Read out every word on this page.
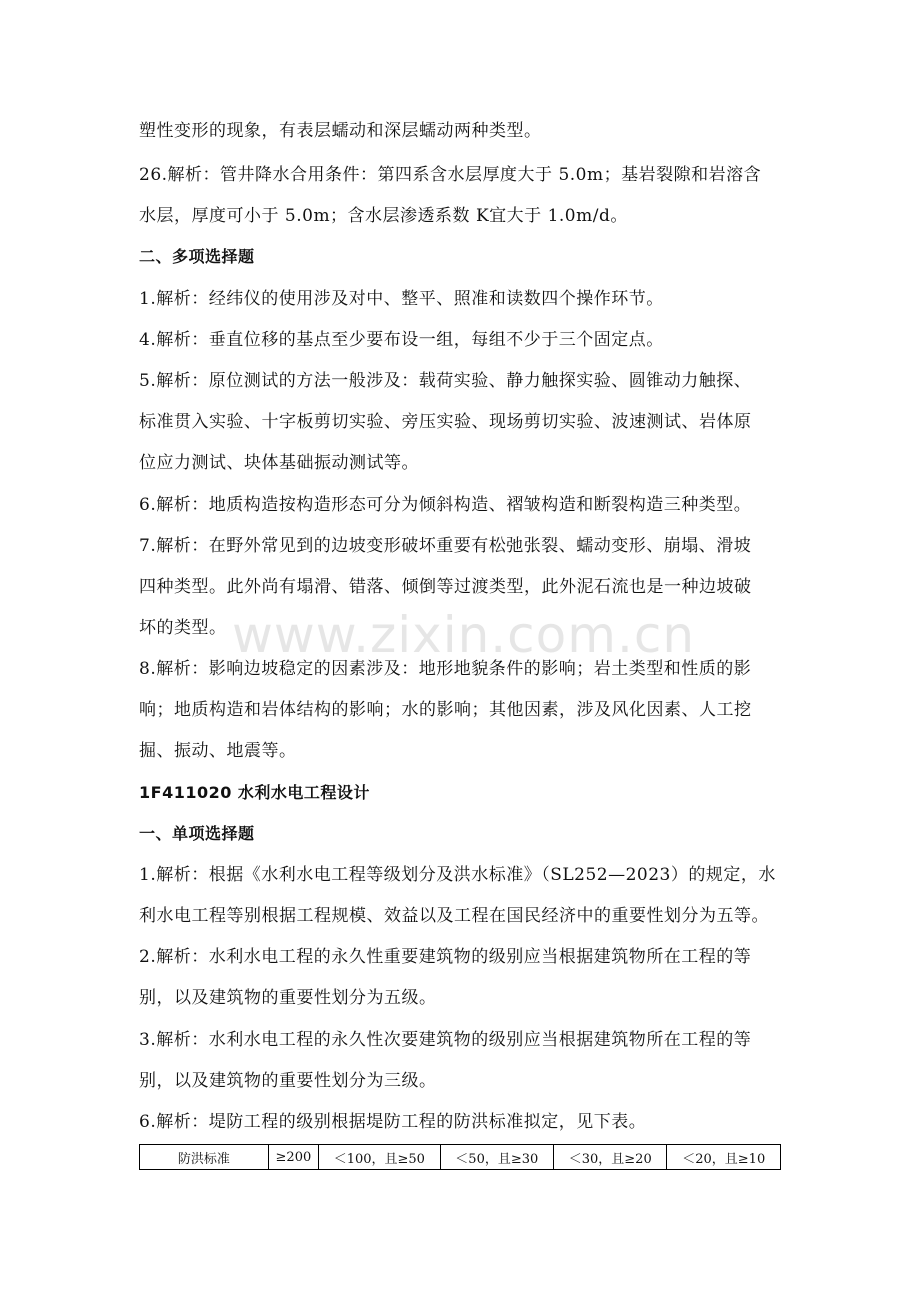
塑性变形的现象，有表层蠕动和深层蠕动两种类型。
26.解析：管井降水合用条件：第四系含水层厚度大于 5.0m；基岩裂隙和岩溶含
水层，厚度可小于 5.0m；含水层渗透系数 K宜大于 1.0m/d。
二、多项选择题
1.解析：经纬仪的使用涉及对中、整平、照准和读数四个操作环节。
4.解析：垂直位移的基点至少要布设一组，每组不少于三个固定点。
5.解析：原位测试的方法一般涉及：载荷实验、静力触探实验、圆锥动力触探、
标准贯入实验、十字板剪切实验、旁压实验、现场剪切实验、波速测试、岩体原
位应力测试、块体基础振动测试等。
6.解析：地质构造按构造形态可分为倾斜构造、褶皱构造和断裂构造三种类型。
7.解析：在野外常见到的边坡变形破坏重要有松弛张裂、蠕动变形、崩塌、滑坡
四种类型。此外尚有塌滑、错落、倾倒等过渡类型，此外泥石流也是一种边坡破
坏的类型。
8.解析：影响边坡稳定的因素涉及：地形地貌条件的影响；岩土类型和性质的影
响；地质构造和岩体结构的影响；水的影响；其他因素，涉及风化因素、人工挖
掘、振动、地震等。
1F411020 水利水电工程设计
一、单项选择题
1.解析：根据《水利水电工程等级划分及洪水标准》（SL252—2023）的规定，水
利水电工程等别根据工程规模、效益以及工程在国民经济中的重要性划分为五等。
2.解析：水利水电工程的永久性重要建筑物的级别应当根据建筑物所在工程的等
别，以及建筑物的重要性划分为五级。
3.解析：水利水电工程的永久性次要建筑物的级别应当根据建筑物所在工程的等
别，以及建筑物的重要性划分为三级。
6.解析：堤防工程的级别根据堤防工程的防洪标准拟定，见下表。
www.zixin.com.cn
防洪标准	≥200	＜100，且≥50	＜50，且≥30	＜30，且≥20	＜20，且≥10
